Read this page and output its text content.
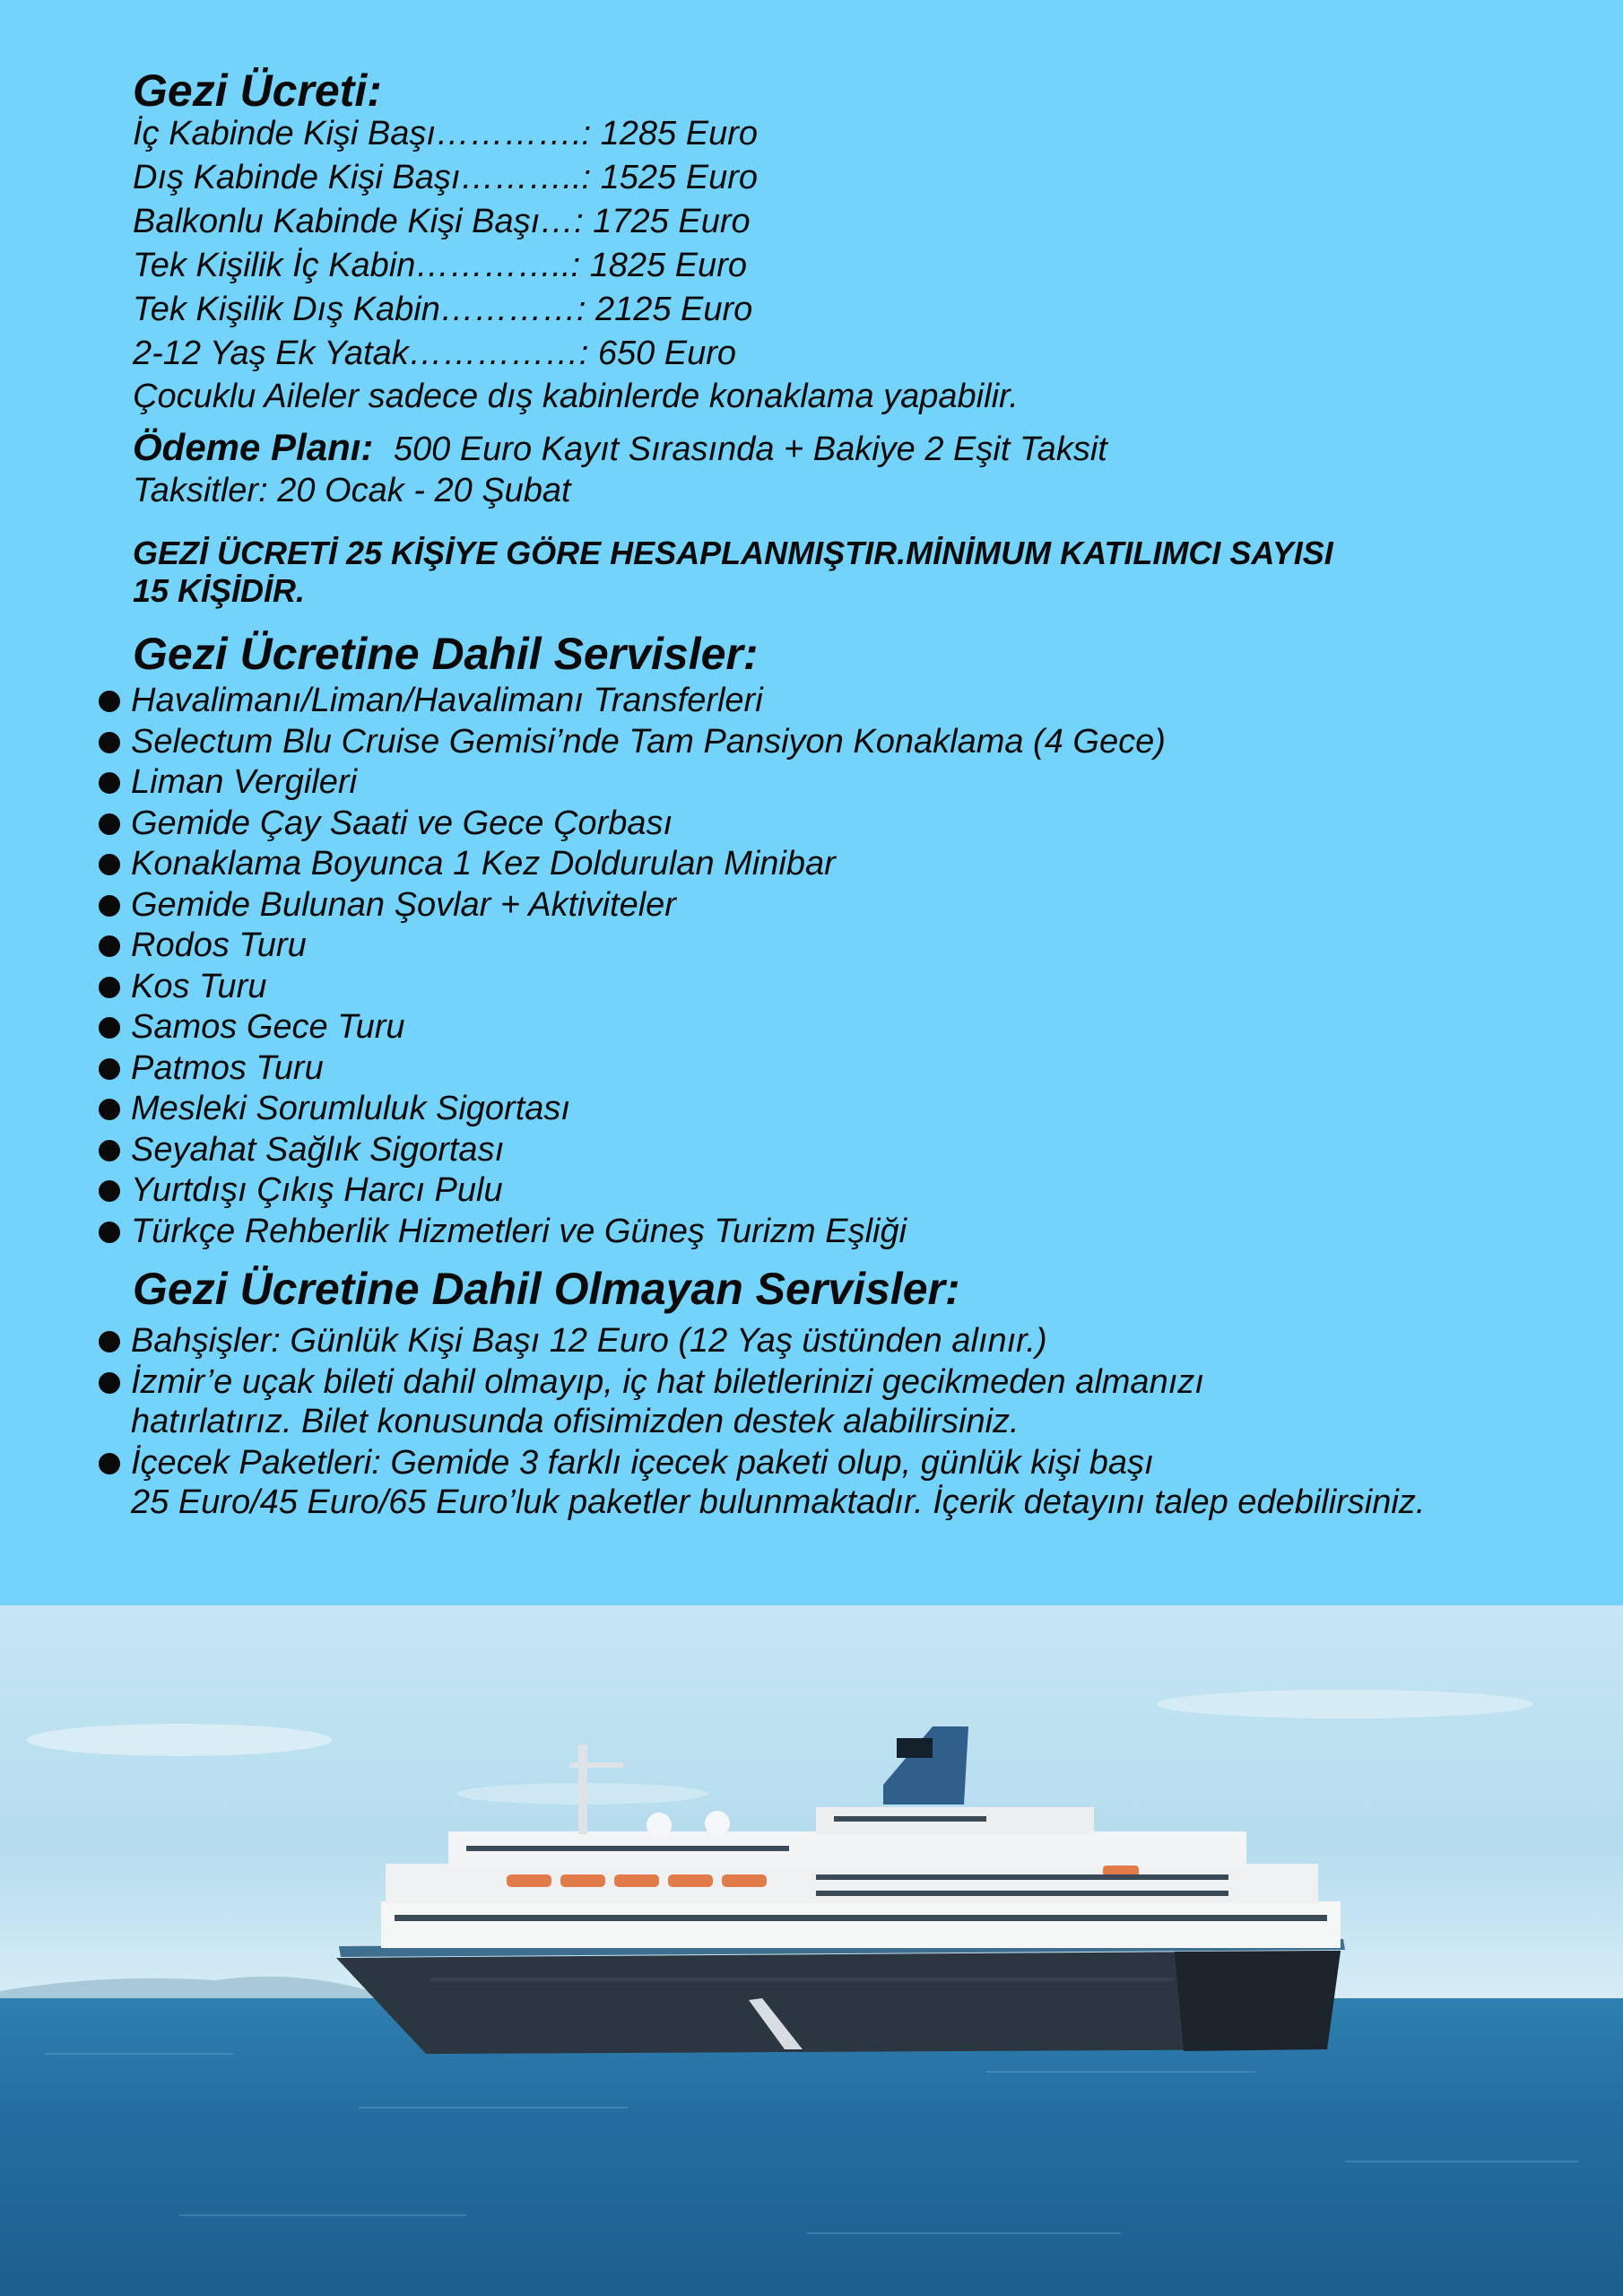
Gezi Ücreti:
İç Kabinde Kişi Başı………….: 1285 Euro
Dış Kabinde Kişi Başı………..: 1525 Euro
Balkonlu Kabinde Kişi Başı…: 1725 Euro
Tek Kişilik İç Kabin…………..: 1825 Euro
Tek Kişilik Dış Kabin…………: 2125 Euro
2-12 Yaş Ek Yatak……………: 650 Euro
Çocuklu Aileler sadece dış kabinlerde konaklama yapabilir.
Ödeme Planı: 500 Euro Kayıt Sırasında + Bakiye 2 Eşit Taksit
Taksitler: 20 Ocak - 20 Şubat
GEZİ ÜCRETİ 25 KİŞİYE GÖRE HESAPLANMIŞTIR.MİNİMUM KATILIMCI SAYISI
15 KİŞİDİR.
Gezi Ücretine Dahil Servisler:
Havalimanı/Liman/Havalimanı Transferleri
Selectum Blu Cruise Gemisi’nde Tam Pansiyon Konaklama (4 Gece)
Liman Vergileri
Gemide Çay Saati ve Gece Çorbası
Konaklama Boyunca 1 Kez Doldurulan Minibar
Gemide Bulunan Şovlar + Aktiviteler
Rodos Turu
Kos Turu
Samos Gece Turu
Patmos Turu
Mesleki Sorumluluk Sigortası
Seyahat Sağlık Sigortası
Yurtdışı Çıkış Harcı Pulu
Türkçe Rehberlik Hizmetleri ve Güneş Turizm Eşliği
Gezi Ücretine Dahil Olmayan Servisler:
Bahşişler: Günlük Kişi Başı 12 Euro (12 Yaş üstünden alınır.)
İzmir’e uçak bileti dahil olmayıp, iç hat biletlerinizi gecikmeden almanızı
hatırlatırız. Bilet konusunda ofisimizden destek alabilirsiniz.
İçecek Paketleri: Gemide 3 farklı içecek paketi olup, günlük kişi başı
25 Euro/45 Euro/65 Euro’luk paketler bulunmaktadır. İçerik detayını talep edebilirsiniz.
